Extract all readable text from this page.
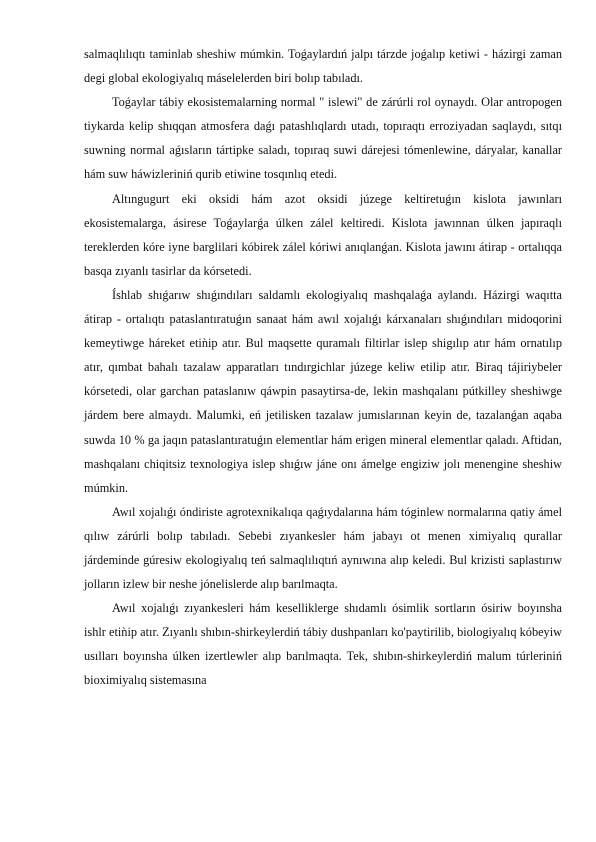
salmaqlılıqtı taminlab sheshiw múmkin. Toǵaylardıń jalpı tárzde joǵalıp ketiwi - házirgi zaman degi global ekologiyalıq máselelerden biri bolıp tabıladı.

Toǵaylar tábiy ekosistemalarning normal " islewi" de zárúrli rol oynaydı. Olar antropogen tiykarda kelip shıqqan atmosfera daǵı patashlıqlardı utadı, topıraqtı erroziyadan saqlaydı, sıtqı suwning normal aǵısların tártipke saladı, topıraq suwi dárejesi tómenlewine, dáryalar, kanallar hám suw háwizleriniń qurib etiwine tosqınlıq etedi.

Altıngugurt eki oksidi hám azot oksidi júzege keltiretuǵın kislota jawınları ekosistemalarga, ásirese Toǵaylarǵa úlken zálel keltiredi. Kislota jawınnan úlken japıraqlı tereklerden kóre iyne barglilari kóbirek zálel kóriwi anıqlanǵan. Kislota jawını átirap - ortalıqqa basqa zıyanlı tasirlar da kórsetedi.

Íshlab shıǵarıw shıǵındıları saldamlı ekologiyalıq mashqalaǵa aylandı. Házirgi waqıtta átirap - ortalıqtı pataslantıratuǵın sanaat hám awıl xojalıǵı kárxanaları shıǵındıları midoqorini kemeytiwge háreket etiǹip atır. Bul maqsette quramalı filtirlar islep shigılıp atır hám ornatılıp atır, qımbat bahalı tazalaw apparatları tındırgichlar júzege keliw etilip atır. Biraq tájiriybeler kórsetedi, olar garchan pataslanıw qáwpin pasaytirsa-de, lekin mashqalanı pútkilley sheshiwge járdem bere almaydı. Malumki, eń jetilisken tazalaw jumıslarınan keyin de, tazalanǵan aqaba suwda 10 % ga jaqın pataslantıratuǵın elementlar hám erigen mineral elementlar qaladı. Aftidan, mashqalanı chiqitsiz texnologiya islep shıǵıw jáne onı ámelge engiziw jolı menengine sheshiw múmkin.

Awıl xojalıǵı óndiriste agrotexnikalıqa qaǵıydalarına hám tóginlew normalarına qatiy ámel qılıw zárúrli bolıp tabıladı. Sebebi zıyankesler hám jabayı ot menen ximiyalıq qurallar járdeminde gúresiw ekologiyalıq teń salmaqlılıqtıń aynıwına alıp keledi. Bul krizisti saplastırıw jolların izlew bir neshe jónelislerde alıp barılmaqta.

Awıl xojalıǵı zıyankesleri hám keselliklerge shıdamlı ósimlik sortların ósiriw boyınsha ishlr etiǹip atır. Zıyanlı shıbın-shirkeylerdiń tábiy dushpanları ko'paytirilib, biologiyalıq kóbeyiw usılları boyınsha úlken izertlewler alıp barılmaqta. Tek, shıbın-shirkeylerdiń malum túrleriniń bioximiyalıq sistemasına
